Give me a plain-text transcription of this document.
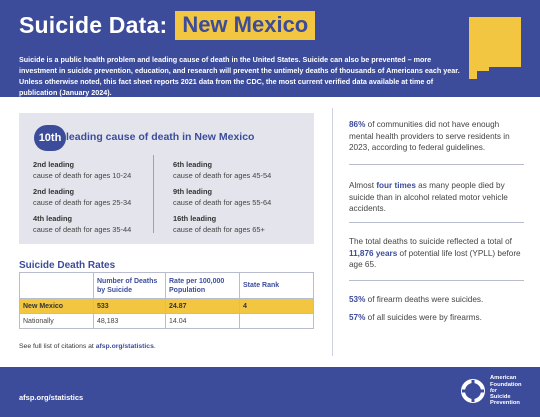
Suicide Data: New Mexico

Suicide is a public health problem and leading cause of death in the United States. Suicide can also be prevented – more investment in suicide prevention, education, and research will prevent the untimely deaths of thousands of Americans each year. Unless otherwise noted, this fact sheet reports 2021 data from the CDC, the most current verified data available at time of publication (January 2024).

10th leading cause of death in New Mexico
2nd leading
cause of death for ages 10-24
2nd leading
cause of death for ages 25-34
4th leading
cause of death for ages 35-44
6th leading
cause of death for ages 45-54
9th leading
cause of death for ages 55-64
16th leading
cause of death for ages 65+
Suicide Death Rates
	Number of Deaths by Suicide	Rate per 100,000 Population	State Rank
New Mexico	533	24.87	4
Nationally	48,183	14.04	
See full list of citations at afsp.org/statistics.
86% of communities did not have enough mental health providers to serve residents in 2023, according to federal guidelines.
Almost four times as many people died by suicide than in alcohol related motor vehicle accidents.
The total deaths to suicide reflected a total of 11,876 years of potential life lost (YPLL) before age 65.
53% of firearm deaths were suicides.
57% of all suicides were by firearms.
afsp.org/statistics
American
Foundation
for
Suicide
Prevention
